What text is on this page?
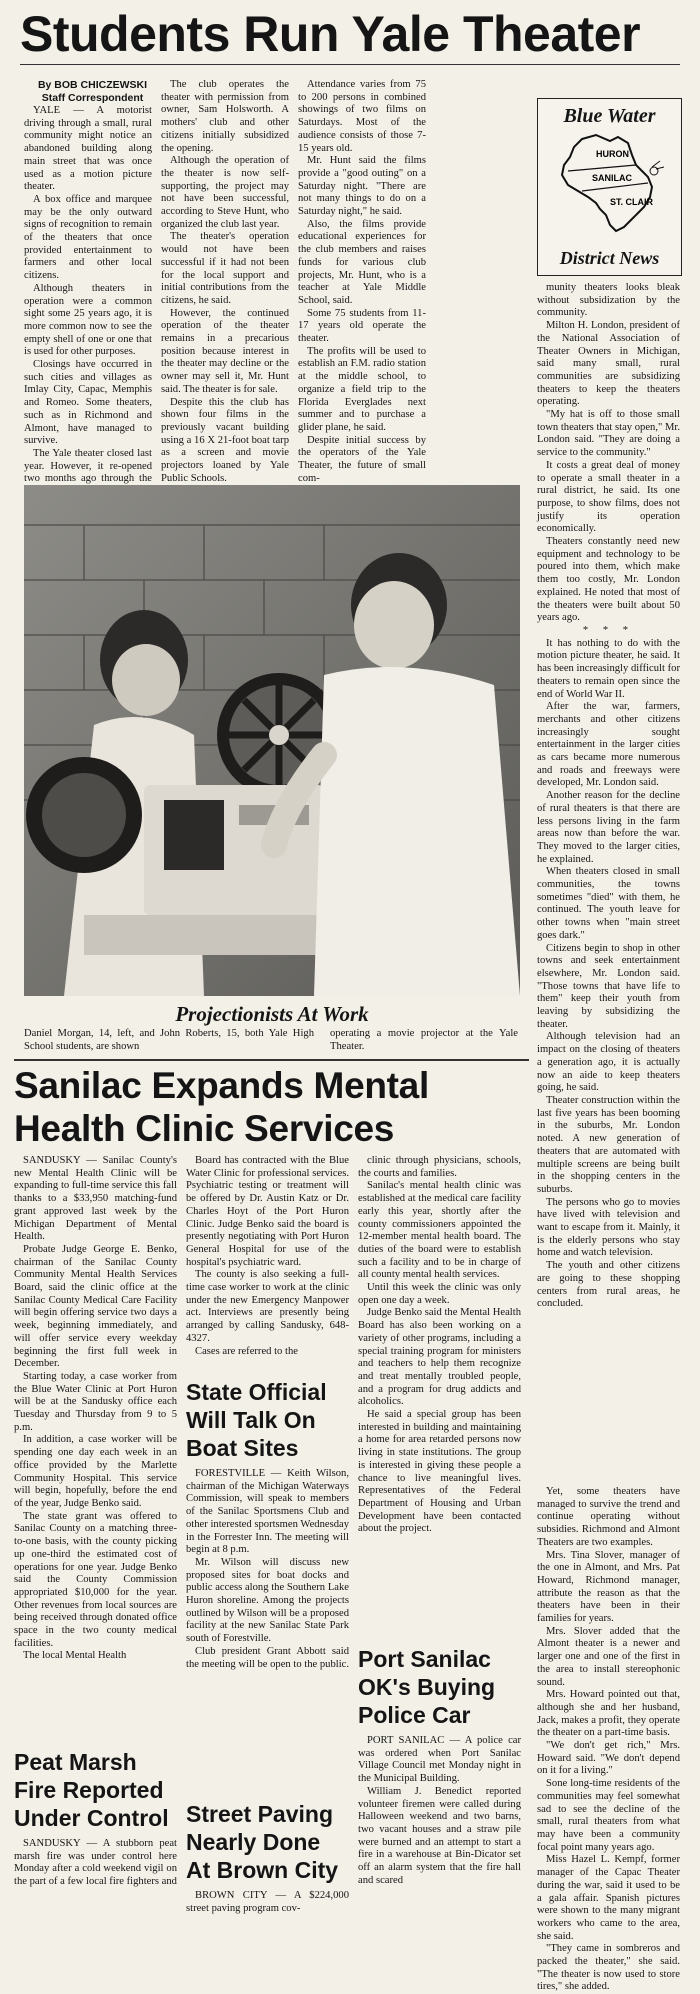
Students Run Yale Theater

By BOB CHICZEWSKI

Staff Correspondent

YALE — A motorist driving through a small, rural community might notice an abandoned building along main street that was once used as a motion picture theater.

A box office and marquee may be the only outward signs of recognition to remain of the theaters that once provided entertainment to farmers and other local citizens.

Although theaters in operation were a common sight some 25 years ago, it is more common now to see the empty shell of one or one that is used for other purposes.

Closings have occurred in such cities and villages as Imlay City, Capac, Memphis and Romeo. Some theaters, such as in Richmond and Almont, have managed to survive.

The Yale theater closed last year. However, it re-opened two months ago through the

The club operates the theater with permission from owner, Sam Holsworth. A mothers' club and other citizens initially subsidized the opening.

Although the operation of the theater is now self-supporting, the project may not have been successful, according to Steve Hunt, who organized the club last year.

The theater's operation would not have been successful if it had not been for the local support and initial contributions from the citizens, he said.

However, the continued operation of the theater remains in a precarious position because interest in the theater may decline or the owner may sell it, Mr. Hunt said. The theater is for sale.

Despite this the club has shown four films in the previously vacant building using a 16 X 21-foot boat tarp as a screen and movie projectors loaned by Yale Public Schools.

Attendance varies from 75 to 200 persons in combined showings of two films on Saturdays. Most of the audience consists of those 7-15 years old.

Mr. Hunt said the films provide a "good outing" on a Saturday night. "There are not many things to do on a Saturday night," he said.

Also, the films provide educational experiences for the club members and raises funds for various club projects, Mr. Hunt, who is a teacher at Yale Middle School, said.

Some 75 students from 11-17 years old operate the theater.

The profits will be used to establish an F.M. radio station at the middle school, to organize a field trip to the Florida Everglades next summer and to purchase a glider plane, he said.

Despite initial success by the operators of the Yale Theater, the future of small com-

Blue Water
HURON
SANILAC
ST. CLAIR
District News

munity theaters looks bleak without subsidization by the community.

Milton H. London, president of the National Association of Theater Owners in Michigan, said many small, rural communities are subsidizing theaters to keep the theaters operating.

"My hat is off to those small town theaters that stay open," Mr. London said. "They are doing a service to the community."

It costs a great deal of money to operate a small theater in a rural district, he said. Its one purpose, to show films, does not justify its operation economically.

Theaters constantly need new equipment and technology to be poured into them, which make them too costly, Mr. London explained. He noted that most of the theaters were built about 50 years ago.

* * *

It has nothing to do with the motion picture theater, he said. It has been increasingly difficult for theaters to remain open since the end of World War II.

After the war, farmers, merchants and other citizens increasingly sought entertainment in the larger cities as cars became more numerous and roads and freeways were developed, Mr. London said.

Another reason for the decline of rural theaters is that there are less persons living in the farm areas now than before the war. They moved to the larger cities, he explained.

When theaters closed in small communities, the towns sometimes "died" with them, he continued. The youth leave for other towns when "main street goes dark."

Citizens begin to shop in other towns and seek entertainment elsewhere, Mr. London said. "Those towns that have life to them" keep their youth from leaving by subsidizing the theater.

Although television had an impact on the closing of theaters a generation ago, it is actually now an aide to keep theaters going, he said.

Theater construction within the last five years has been booming in the suburbs, Mr. London noted. A new generation of theaters that are automated with multiple screens are being built in the shopping centers in the suburbs.

The persons who go to movies have lived with television and want to escape from it. Mainly, it is the elderly persons who stay home and watch television.

The youth and other citizens are going to these shopping centers from rural areas, he concluded.

Yet, some theaters have managed to survive the trend and continue operating without subsidies. Richmond and Almont Theaters are two examples.

Mrs. Tina Slover, manager of the one in Almont, and Mrs. Pat Howard, Richmond manager, attribute the reason as that the theaters have been in their families for years.

Mrs. Slover added that the Almont theater is a newer and larger one and one of the first in the area to install stereophonic sound.

Mrs. Howard pointed out that, although she and her husband, Jack, makes a profit, they operate the theater on a part-time basis.

"We don't get rich," Mrs. Howard said. "We don't depend on it for a living."

Sone long-time residents of the communities may feel somewhat sad to see the decline of the small, rural theaters from what may have been a community focal point many years ago.

Miss Hazel L. Kempf, former manager of the Capac Theater during the war, said it used to be a gala affair. Spanish pictures were shown to the many migrant workers who came to the area, she said.

"They came in sombreros and packed the theater," she said. "The theater is now used to store tires," she added.

Projectionists At Work
Daniel Morgan, 14, left, and John Roberts, 15, both Yale High School students, are shown
operating a movie projector at the Yale Theater.
Sanilac Expands Mental Health Clinic Services

SANDUSKY — Sanilac County's new Mental Health Clinic will be expanding to full-time service this fall thanks to a $33,950 matching-fund grant approved last week by the Michigan Department of Mental Health.

Probate Judge George E. Benko, chairman of the Sanilac County Community Mental Health Services Board, said the clinic office at the Sanilac County Medical Care Facility will begin offering service two days a week, beginning immediately, and will offer service every weekday beginning the first full week in December.

Starting today, a case worker from the Blue Water Clinic at Port Huron will be at the Sandusky office each Tuesday and Thursday from 9 to 5 p.m.

In addition, a case worker will be spending one day each week in an office provided by the Marlette Community Hospital. This service will begin, hopefully, before the end of the year, Judge Benko said.

The state grant was offered to Sanilac County on a matching three-to-one basis, with the county picking up one-third the estimated cost of operations for one year. Judge Benko said the County Commission appropriated $10,000 for the year. Other revenues from local sources are being received through donated office space in the two county medical facilities.

The local Mental Health

Board has contracted with the Blue Water Clinic for professional services. Psychiatric testing or treatment will be offered by Dr. Austin Katz or Dr. Charles Hoyt of the Port Huron Clinic. Judge Benko said the board is presently negotiating with Port Huron General Hospital for use of the hospital's psychiatric ward.

The county is also seeking a full-time case worker to work at the clinic under the new Emergency Manpower act. Interviews are presently being arranged by calling Sandusky, 648-4327.

Cases are referred to the

clinic through physicians, schools, the courts and families.

Sanilac's mental health clinic was established at the medical care facility early this year, shortly after the county commissioners appointed the 12-member mental health board. The duties of the board were to establish such a facility and to be in charge of all county mental health services.

Until this week the clinic was only open one day a week.

Judge Benko said the Mental Health Board has also been working on a variety of other programs, including a special training program for ministers and teachers to help them recognize and treat mentally troubled people, and a program for drug addicts and alcoholics.

He said a special group has been interested in building and maintaining a home for area retarded persons now living in state institutions. The group is interested in giving these people a chance to live meaningful lives. Representatives of the Federal Department of Housing and Urban Development have been contacted about the project.

State Official Will Talk On Boat Sites

FORESTVILLE — Keith Wilson, chairman of the Michigan Waterways Commission, will speak to members of the Sanilac Sportsmens Club and other interested sportsmen Wednesday in the Forrester Inn. The meeting will begin at 8 p.m.

Mr. Wilson will discuss new proposed sites for boat docks and public access along the Southern Lake Huron shoreline. Among the projects outlined by Wilson will be a proposed facility at the new Sanilac State Park south of Forestville.

Club president Grant Abbott said the meeting will be open to the public. Port Sanilac OK's Buying Police Car

PORT SANILAC — A police car was ordered when Port Sanilac Village Council met Monday night in the Municipal Building.

William J. Benedict reported volunteer firemen were called during Halloween weekend and two barns, two vacant houses and a straw pile were burned and an attempt to start a fire in a warehouse at Bin-Dicator set off an alarm system that the fire hall and scared

Peat Marsh Fire Reported Under Control

SANDUSKY — A stubborn peat marsh fire was under control here Monday after a cold weekend vigil on the part of a few local fire fighters and

Street Paving Nearly Done At Brown City

BROWN CITY — A $224,000 street paving program cov-
